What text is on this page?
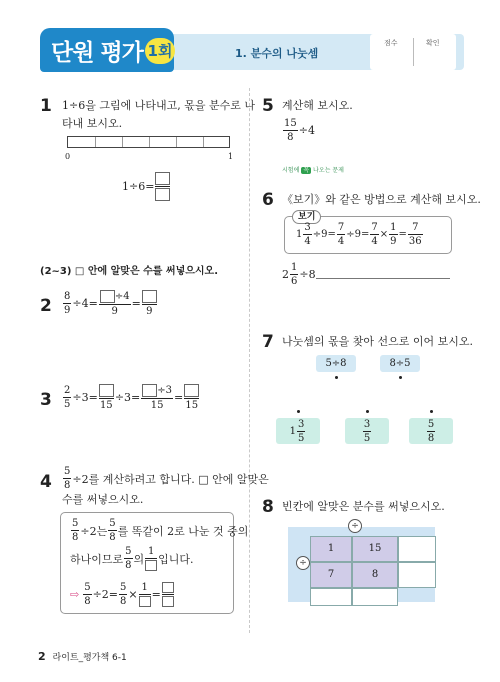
단원 평가 1회	1. 분수의 나눗셈
점수	확인
1 1÷6을 그림에 나타내고, 몫을 분수로 나
타내 보시오.
0	1
1÷6=
(2~3) □ 안에 알맞은 수를 써넣으시오.
$2 \frac{8}{9} \div 4= \frac{\div 4}{9}$ =
9
$3 \frac{2}{5} \div 3=$
15
$\div 3= \frac{\div 3}{15}$ =
15
$4 \frac{5}{8} \div 2$를 계산하려고 합니다. □ 안에 알맞은
수를 써넣으시오.
$\frac{5}{8} \div 2$는 $\frac{5}{8}$ 를 똑같이 2로 나눈 것 중의
하나이므로 $\frac{5}{8}$ 의
1
입니다.
⇨ $\frac{5}{8} \div 2= \frac{5}{8}$ ×
1
=
5 계산해 보시오.
$\frac{15}{8} \div 4$
시험에 꼭 나오는 문제
6 《보기》와 같은 방법으로 계산해 보시오.
보기
$1 \frac{3}{4} \div 9= \frac{7}{4} \div 9= \frac{7}{4} \times \frac{1}{9} = \frac{7}{36}$
$2 \frac{1}{6} \div 8$
7 나눗셈의 몫을 찾아 선으로 이어 보시오.
5÷8	8÷5
$1 \frac{3}{5}$	$\frac{3}{5}$	$\frac{5}{8}$
8 빈칸에 알맞은 분수를 써넣으시오.
÷
÷
1	15
7	8
2 라이트_평가책 6-1
